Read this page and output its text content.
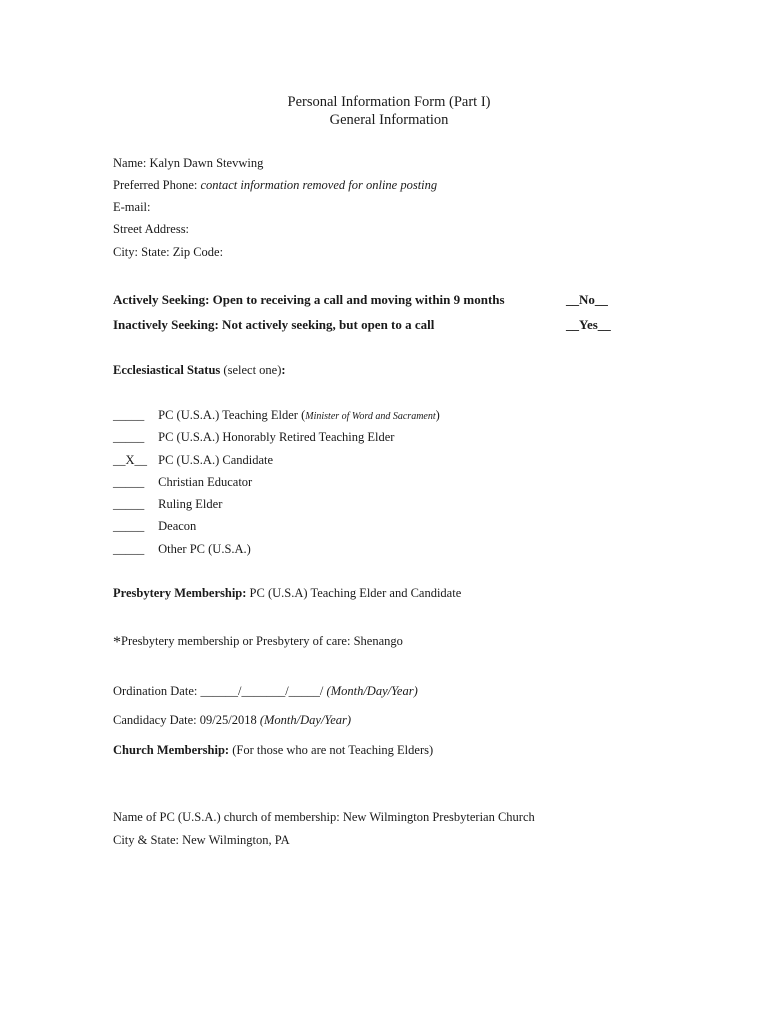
Personal Information Form (Part I)
General Information
Name: Kalyn Dawn Stevwing
Preferred Phone: contact information removed for online posting
E-mail:
Street Address:
City: State: Zip Code:
Actively Seeking: Open to receiving a call and moving within 9 months	__No__
Inactively Seeking: Not actively seeking, but open to a call	__Yes__
Ecclesiastical Status (select one):
_____ PC (U.S.A.) Teaching Elder (Minister of Word and Sacrament)
_____ PC (U.S.A.) Honorably Retired Teaching Elder
__X__ PC (U.S.A.) Candidate
_____ Christian Educator
_____ Ruling Elder
_____ Deacon
_____ Other PC (U.S.A.)
Presbytery Membership: PC (U.S.A) Teaching Elder and Candidate
*Presbytery membership or Presbytery of care: Shenango
Ordination Date: ______/_______/_____/ (Month/Day/Year)
Candidacy Date: 09/25/2018 (Month/Day/Year)
Church Membership: (For those who are not Teaching Elders)
Name of PC (U.S.A.) church of membership: New Wilmington Presbyterian Church
City & State: New Wilmington, PA
